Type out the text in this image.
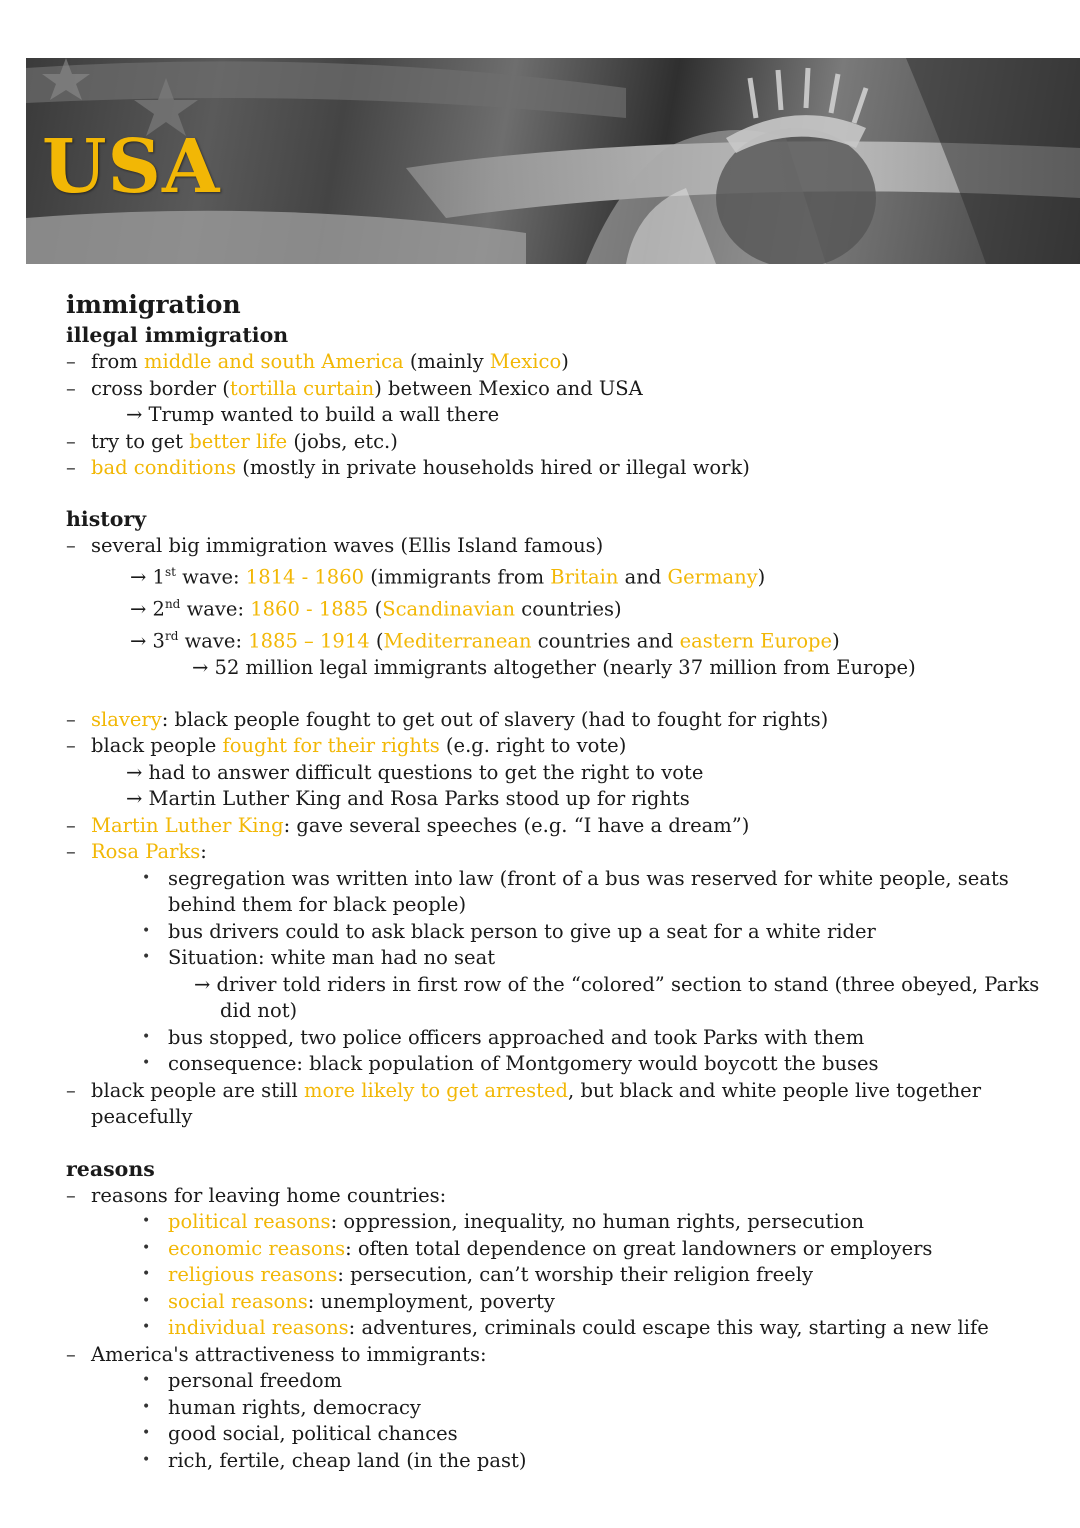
USA
immigration
illegal immigration
– from middle and south America (mainly Mexico)
– cross border (tortilla curtain) between Mexico and USA
→ Trump wanted to build a wall there
– try to get better life (jobs, etc.)
– bad conditions (mostly in private households hired or illegal work)
history
– several big immigration waves (Ellis Island famous)
→ 1st wave: 1814 - 1860 (immigrants from Britain and Germany)
→ 2nd wave: 1860 - 1885 (Scandinavian countries)
→ 3rd wave: 1885 – 1914 (Mediterranean countries and eastern Europe)
→ 52 million legal immigrants altogether (nearly 37 million from Europe)
– slavery: black people fought to get out of slavery (had to fought for rights)
– black people fought for their rights (e.g. right to vote)
→ had to answer difficult questions to get the right to vote
→ Martin Luther King and Rosa Parks stood up for rights
– Martin Luther King: gave several speeches (e.g. “I have a dream”)
– Rosa Parks:
• segregation was written into law (front of a bus was reserved for white people, seats
behind them for black people)
• bus drivers could to ask black person to give up a seat for a white rider
• Situation: white man had no seat
→ driver told riders in first row of the “colored” section to stand (three obeyed, Parks
did not)
• bus stopped, two police officers approached and took Parks with them
• consequence: black population of Montgomery would boycott the buses
– black people are still more likely to get arrested, but black and white people live together
peacefully
reasons
– reasons for leaving home countries:
• political reasons: oppression, inequality, no human rights, persecution
• economic reasons: often total dependence on great landowners or employers
• religious reasons: persecution, can’t worship their religion freely
• social reasons: unemployment, poverty
• individual reasons: adventures, criminals could escape this way, starting a new life
– America's attractiveness to immigrants:
• personal freedom
• human rights, democracy
• good social, political chances
• rich, fertile, cheap land (in the past)
